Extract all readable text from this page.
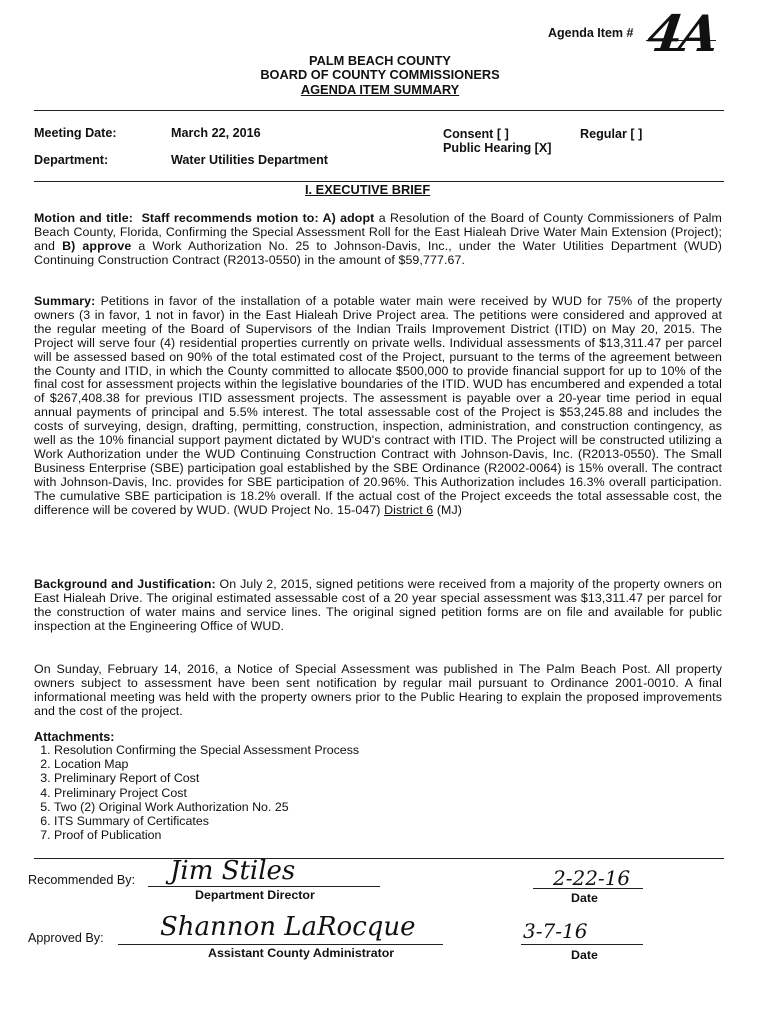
Agenda Item # 4A
PALM BEACH COUNTY
BOARD OF COUNTY COMMISSIONERS
AGENDA ITEM SUMMARY
Meeting Date:	March 22, 2016	Consent [ ]	Regular [ ]
Public Hearing [X]
Department:	Water Utilities Department
I. EXECUTIVE BRIEF
Motion and title: Staff recommends motion to: A) adopt a Resolution of the Board of County Commissioners of Palm Beach County, Florida, Confirming the Special Assessment Roll for the East Hialeah Drive Water Main Extension (Project); and B) approve a Work Authorization No. 25 to Johnson-Davis, Inc., under the Water Utilities Department (WUD) Continuing Construction Contract (R2013-0550) in the amount of $59,777.67.
Summary: Petitions in favor of the installation of a potable water main were received by WUD for 75% of the property owners (3 in favor, 1 not in favor) in the East Hialeah Drive Project area. The petitions were considered and approved at the regular meeting of the Board of Supervisors of the Indian Trails Improvement District (ITID) on May 20, 2015. The Project will serve four (4) residential properties currently on private wells. Individual assessments of $13,311.47 per parcel will be assessed based on 90% of the total estimated cost of the Project, pursuant to the terms of the agreement between the County and ITID, in which the County committed to allocate $500,000 to provide financial support for up to 10% of the final cost for assessment projects within the legislative boundaries of the ITID. WUD has encumbered and expended a total of $267,408.38 for previous ITID assessment projects. The assessment is payable over a 20-year time period in equal annual payments of principal and 5.5% interest. The total assessable cost of the Project is $53,245.88 and includes the costs of surveying, design, drafting, permitting, construction, inspection, administration, and construction contingency, as well as the 10% financial support payment dictated by WUD's contract with ITID. The Project will be constructed utilizing a Work Authorization under the WUD Continuing Construction Contract with Johnson-Davis, Inc. (R2013-0550). The Small Business Enterprise (SBE) participation goal established by the SBE Ordinance (R2002-0064) is 15% overall. The contract with Johnson-Davis, Inc. provides for SBE participation of 20.96%. This Authorization includes 16.3% overall participation. The cumulative SBE participation is 18.2% overall. If the actual cost of the Project exceeds the total assessable cost, the difference will be covered by WUD. (WUD Project No. 15-047) District 6 (MJ)
Background and Justification: On July 2, 2015, signed petitions were received from a majority of the property owners on East Hialeah Drive. The original estimated assessable cost of a 20 year special assessment was $13,311.47 per parcel for the construction of water mains and service lines. The original signed petition forms are on file and available for public inspection at the Engineering Office of WUD.
On Sunday, February 14, 2016, a Notice of Special Assessment was published in The Palm Beach Post. All property owners subject to assessment have been sent notification by regular mail pursuant to Ordinance 2001-0010. A final informational meeting was held with the property owners prior to the Public Hearing to explain the proposed improvements and the cost of the project.
Attachments:
1. Resolution Confirming the Special Assessment Process
2. Location Map
3. Preliminary Report of Cost
4. Preliminary Project Cost
5. Two (2) Original Work Authorization No. 25
6. ITS Summary of Certificates
7. Proof of Publication
Recommended By: Jim Stiles
Department Director
2-22-16
Date
Approved By: Shannon LaRocque
Assistant County Administrator
3-7-16
Date
